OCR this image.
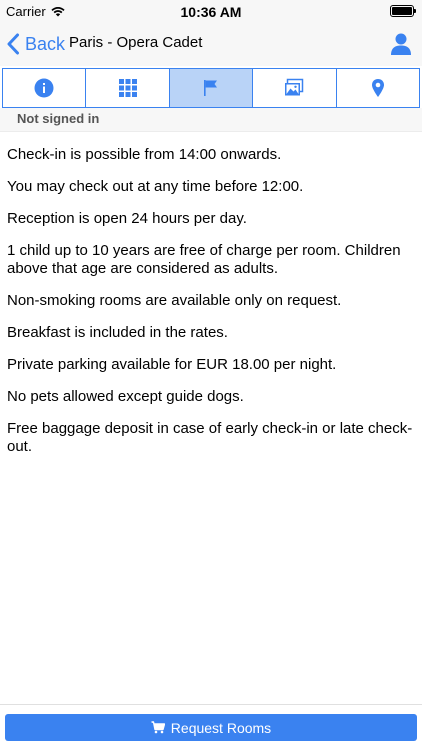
Carrier	10:36 AM
Back Paris - Opera Cadet
Not signed in

Check-in is possible from 14:00 onwards.

You may check out at any time before 12:00.

Reception is open 24 hours per day.

1 child up to 10 years are free of charge per room. Children above that age are considered as adults.

Non-smoking rooms are available only on request.

Breakfast is included in the rates.

Private parking available for EUR 18.00 per night.

No pets allowed except guide dogs.

Free baggage deposit in case of early check-in or late check-out.

Request Rooms
